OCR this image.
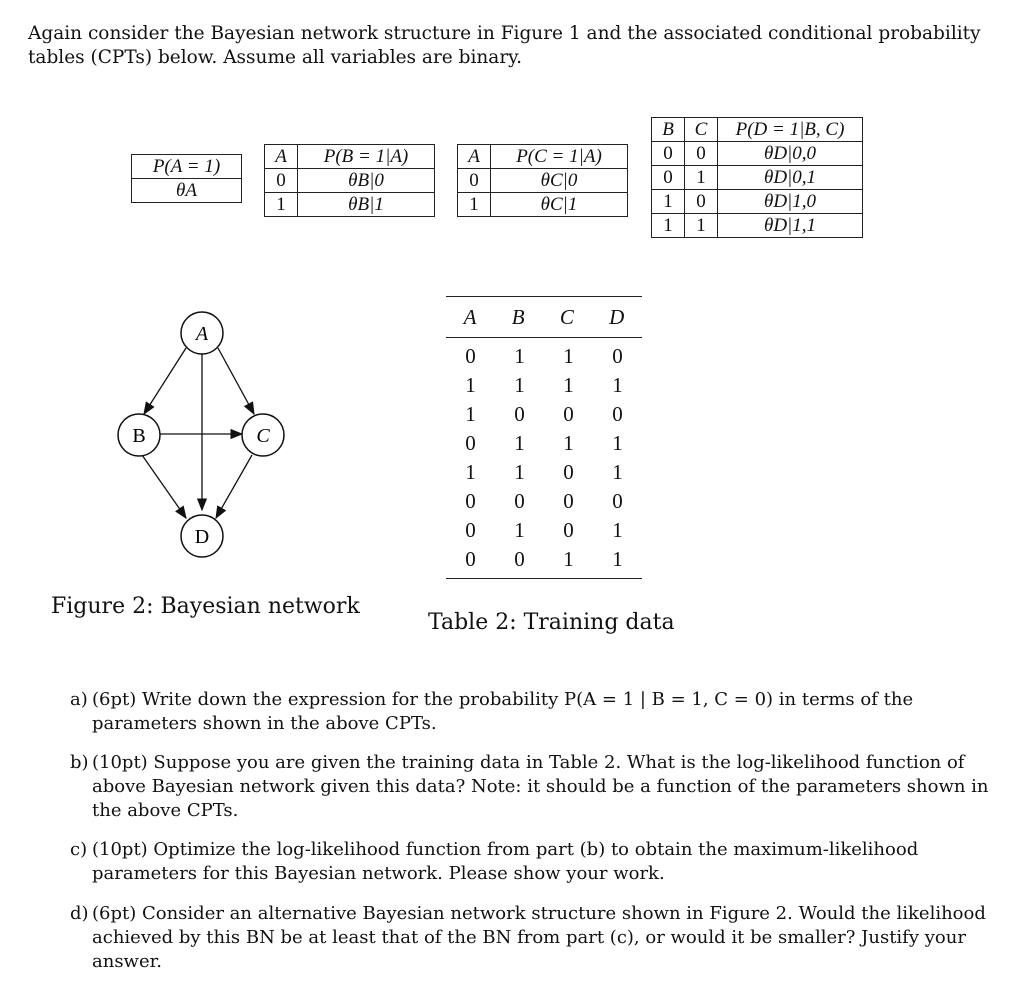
Again consider the Bayesian network structure in Figure 1 and the associated conditional probability tables (CPTs) below. Assume all variables are binary.
P(A = 1)
θA
A	P(B = 1|A)
0	θB|0
1	θB|1
A	P(C = 1|A)
0	θC|0
1	θC|1
B	C	P(D = 1|B, C)
0	0	θD|0,0
0	1	θD|0,1
1	0	θD|1,0
1	1	θD|1,1
A
B	C
D
Figure 2: Bayesian network
A B C D
0 1 1 0
1 1 1 1
1 0 0 0
0 1 1 1
1 1 0 1
0 0 0 0
0 1 0 1
0 0 1 1
Table 2: Training data
a) (6pt) Write down the expression for the probability P(A = 1 | B = 1, C = 0) in terms of the parameters shown in the above CPTs.
b) (10pt) Suppose you are given the training data in Table 2. What is the log-likelihood function of above Bayesian network given this data? Note: it should be a function of the parameters shown in the above CPTs.
c) (10pt) Optimize the log-likelihood function from part (b) to obtain the maximum-likelihood parameters for this Bayesian network. Please show your work.
d) (6pt) Consider an alternative Bayesian network structure shown in Figure 2. Would the likelihood achieved by this BN be at least that of the BN from part (c), or would it be smaller? Justify your answer.
